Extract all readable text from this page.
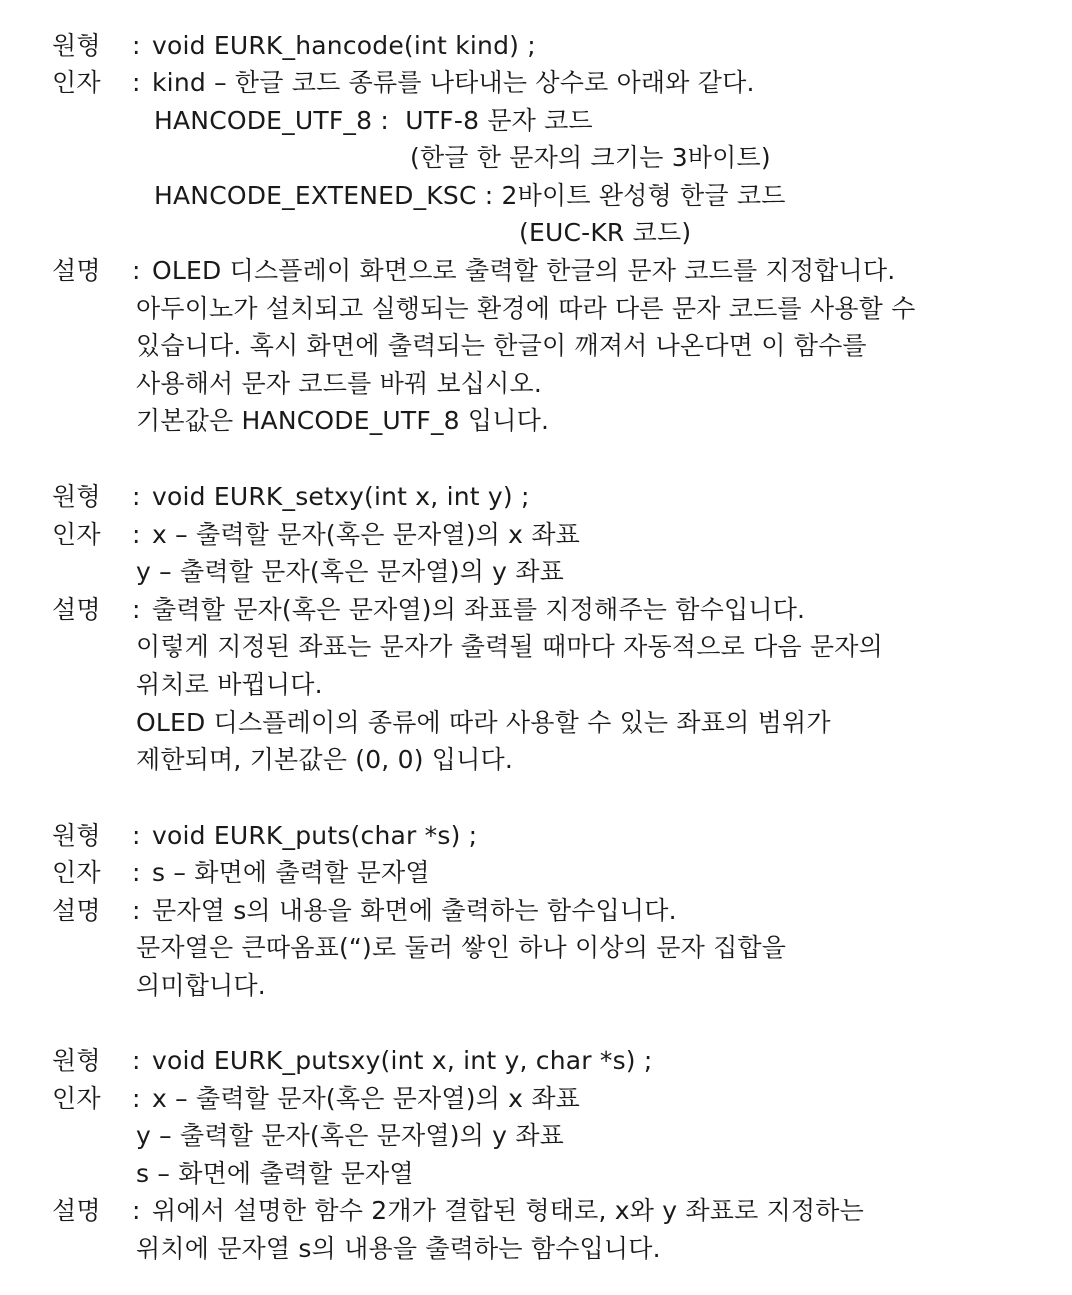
원형 : void EURK_hancode(int kind) ;
인자 : kind – 한글 코드 종류를 나타내는 상수로 아래와 같다.
HANCODE_UTF_8 :  UTF-8 문자 코드
(한글 한 문자의 크기는 3바이트)
HANCODE_EXTENED_KSC : 2바이트 완성형 한글 코드
(EUC-KR 코드)
설명 : OLED 디스플레이 화면으로 출력할 한글의 문자 코드를 지정합니다.
아두이노가 설치되고 실행되는 환경에 따라 다른 문자 코드를 사용할 수
있습니다. 혹시 화면에 출력되는 한글이 깨져서 나온다면 이 함수를
사용해서 문자 코드를 바꿔 보십시오.
기본값은 HANCODE_UTF_8 입니다.
원형 : void EURK_setxy(int x, int y) ;
인자 : x – 출력할 문자(혹은 문자열)의 x 좌표
y – 출력할 문자(혹은 문자열)의 y 좌표
설명 : 출력할 문자(혹은 문자열)의 좌표를 지정해주는 함수입니다.
이렇게 지정된 좌표는 문자가 출력될 때마다 자동적으로 다음 문자의
위치로 바뀝니다.
OLED 디스플레이의 종류에 따라 사용할 수 있는 좌표의 범위가
제한되며, 기본값은 (0, 0) 입니다.
원형 : void EURK_puts(char *s) ;
인자 : s – 화면에 출력할 문자열
설명 : 문자열 s의 내용을 화면에 출력하는 함수입니다.
문자열은 큰따옴표(“)로 둘러 쌓인 하나 이상의 문자 집합을
의미합니다.
원형 : void EURK_putsxy(int x, int y, char *s) ;
인자 : x – 출력할 문자(혹은 문자열)의 x 좌표
y – 출력할 문자(혹은 문자열)의 y 좌표
s – 화면에 출력할 문자열
설명 : 위에서 설명한 함수 2개가 결합된 형태로, x와 y 좌표로 지정하는
위치에 문자열 s의 내용을 출력하는 함수입니다.
